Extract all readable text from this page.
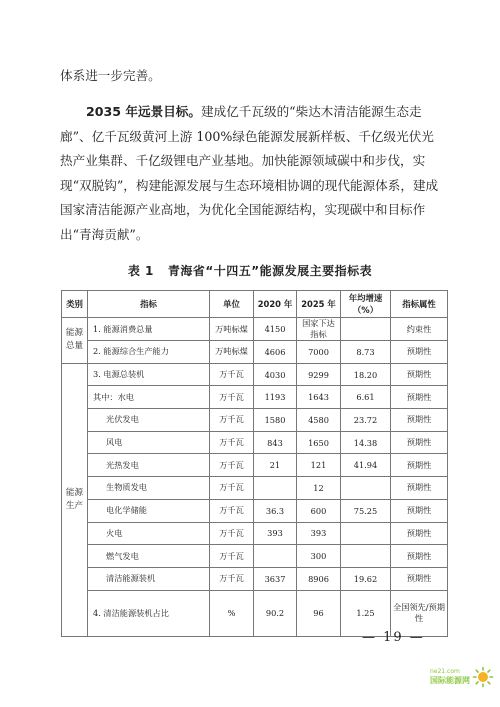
体系进一步完善。

2035 年远景目标。建成亿千瓦级的“柴达木清洁能源生态走廊”、亿千瓦级黄河上游 100%绿色能源发展新样板、千亿级光伏光热产业集群、千亿级锂电产业基地。加快能源领域碳中和步伐，实现“双脱钩”，构建能源发展与生态环境相协调的现代能源体系，建成国家清洁能源产业高地，为优化全国能源结构，实现碳中和目标作出“青海贡献”。

表 1 青海省“十四五”能源发展主要指标表
类别	指标	单位	2020 年	2025 年	年均增速（%）	指标属性
能源总量	1. 能源消费总量	万吨标煤	4150	国家下达指标		约束性
	2. 能源综合生产能力	万吨标煤	4606	7000	8.73	预期性
能源生产	3. 电源总装机	万千瓦	4030	9299	18.20	预期性
	其中：水电	万千瓦	1193	1643	6.61	预期性
	光伏发电	万千瓦	1580	4580	23.72	预期性
	风电	万千瓦	843	1650	14.38	预期性
	光热发电	万千瓦	21	121	41.94	预期性
	生物质发电	万千瓦		12		预期性
	电化学储能	万千瓦	36.3	600	75.25	预期性
	火电	万千瓦	393	393		预期性
	燃气发电	万千瓦		300		预期性
	清洁能源装机	万千瓦	3637	8906	19.62	预期性
	4. 清洁能源装机占比	%	90.2	96	1.25	全国领先/预期性
— 19 —
ne21.com
国际能源网
